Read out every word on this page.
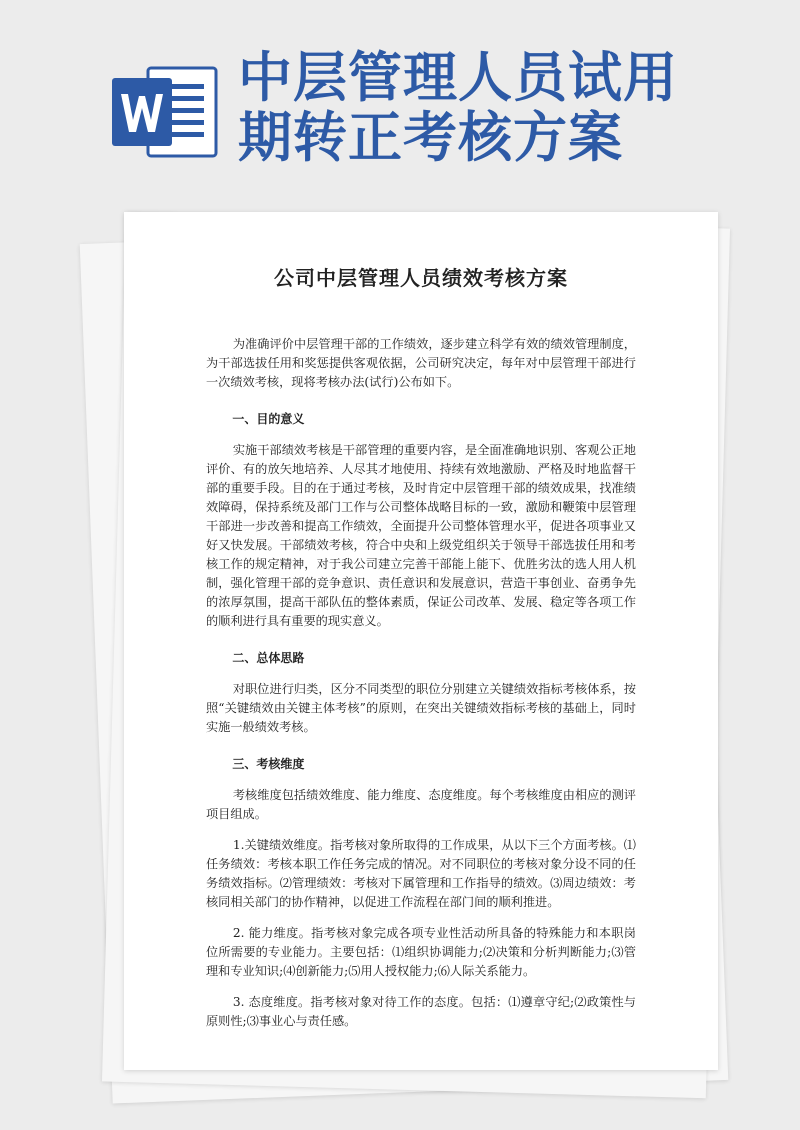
中层管理人员试用期转正考核方案
公司中层管理人员绩效考核方案

为准确评价中层管理干部的工作绩效，逐步建立科学有效的绩效管理制度，为干部选拔任用和奖惩提供客观依据，公司研究决定，每年对中层管理干部进行一次绩效考核，现将考核办法(试行)公布如下。

一、目的意义

实施干部绩效考核是干部管理的重要内容，是全面准确地识别、客观公正地评价、有的放矢地培养、人尽其才地使用、持续有效地激励、严格及时地监督干部的重要手段。目的在于通过考核，及时肯定中层管理干部的绩效成果，找准绩效障碍，保持系统及部门工作与公司整体战略目标的一致，激励和鞭策中层管理干部进一步改善和提高工作绩效，全面提升公司整体管理水平，促进各项事业又好又快发展。干部绩效考核，符合中央和上级党组织关于领导干部选拔任用和考核工作的规定精神，对于我公司建立完善干部能上能下、优胜劣汰的选人用人机制，强化管理干部的竞争意识、责任意识和发展意识，营造干事创业、奋勇争先的浓厚氛围，提高干部队伍的整体素质，保证公司改革、发展、稳定等各项工作的顺利进行具有重要的现实意义。

二、总体思路

对职位进行归类，区分不同类型的职位分别建立关键绩效指标考核体系，按照“关键绩效由关键主体考核”的原则，在突出关键绩效指标考核的基础上，同时实施一般绩效考核。

三、考核维度

考核维度包括绩效维度、能力维度、态度维度。每个考核维度由相应的测评项目组成。

1.关键绩效维度。指考核对象所取得的工作成果，从以下三个方面考核。⑴任务绩效：考核本职工作任务完成的情况。对不同职位的考核对象分设不同的任务绩效指标。⑵管理绩效：考核对下属管理和工作指导的绩效。⑶周边绩效：考核同相关部门的协作精神，以促进工作流程在部门间的顺利推进。

2. 能力维度。指考核对象完成各项专业性活动所具备的特殊能力和本职岗位所需要的专业能力。主要包括：⑴组织协调能力;⑵决策和分析判断能力;⑶管理和专业知识;⑷创新能力;⑸用人授权能力;⑹人际关系能力。

3. 态度维度。指考核对象对待工作的态度。包括：⑴遵章守纪;⑵政策性与原则性;⑶事业心与责任感。
